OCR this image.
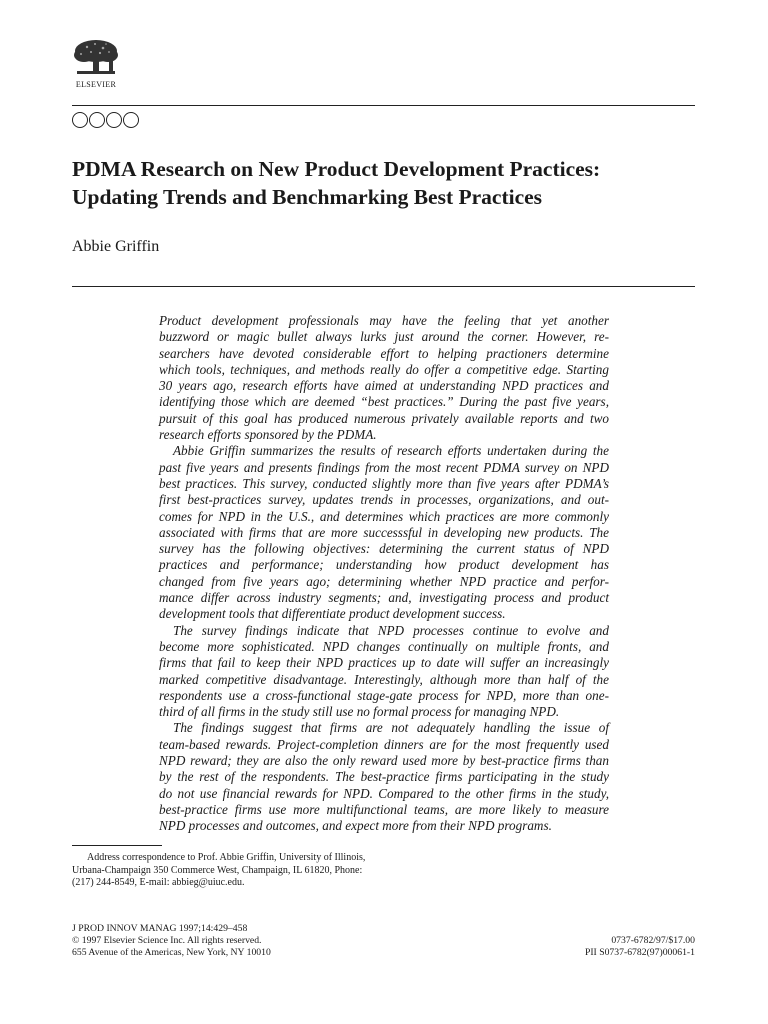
ELSEVIER
PDMA Research on New Product Development Practices:
Updating Trends and Benchmarking Best Practices
Abbie Griffin

Product development professionals may have the feeling that yet another
buzzword or magic bullet always lurks just around the corner. However, re-
searchers have devoted considerable effort to helping practioners determine
which tools, techniques, and methods really do offer a competitive edge. Starting
30 years ago, research efforts have aimed at understanding NPD practices and
identifying those which are deemed “best practices.” During the past five years,
pursuit of this goal has produced numerous privately available reports and two
research efforts sponsored by the PDMA.

Abbie Griffin summarizes the results of research efforts undertaken during the
past five years and presents findings from the most recent PDMA survey on NPD
best practices. This survey, conducted slightly more than five years after PDMA’s
first best-practices survey, updates trends in processes, organizations, and out-
comes for NPD in the U.S., and determines which practices are more commonly
associated with firms that are more successsful in developing new products. The
survey has the following objectives: determining the current status of NPD
practices and performance; understanding how product development has
changed from five years ago; determining whether NPD practice and perfor-
mance differ across industry segments; and, investigating process and product
development tools that differentiate product development success.

The survey findings indicate that NPD processes continue to evolve and
become more sophisticated. NPD changes continually on multiple fronts, and
firms that fail to keep their NPD practices up to date will suffer an increasingly
marked competitive disadvantage. Interestingly, although more than half of the
respondents use a cross-functional stage-gate process for NPD, more than one-
third of all firms in the study still use no formal process for managing NPD.

The findings suggest that firms are not adequately handling the issue of
team-based rewards. Project-completion dinners are for the most frequently used
NPD reward; they are also the only reward used more by best-practice firms than
by the rest of the respondents. The best-practice firms participating in the study
do not use financial rewards for NPD. Compared to the other firms in the study,
best-practice firms use more multifunctional teams, are more likely to measure
NPD processes and outcomes, and expect more from their NPD programs.

Address correspondence to Prof. Abbie Griffin, University of Illinois,
Urbana-Champaign 350 Commerce West, Champaign, IL 61820, Phone:
(217) 244-8549, E-mail: abbieg@uiuc.edu.
J PROD INNOV MANAG 1997;14:429–458
© 1997 Elsevier Science Inc. All rights reserved.
655 Avenue of the Americas, New York, NY 10010
0737-6782/97/$17.00
PII S0737-6782(97)00061-1
